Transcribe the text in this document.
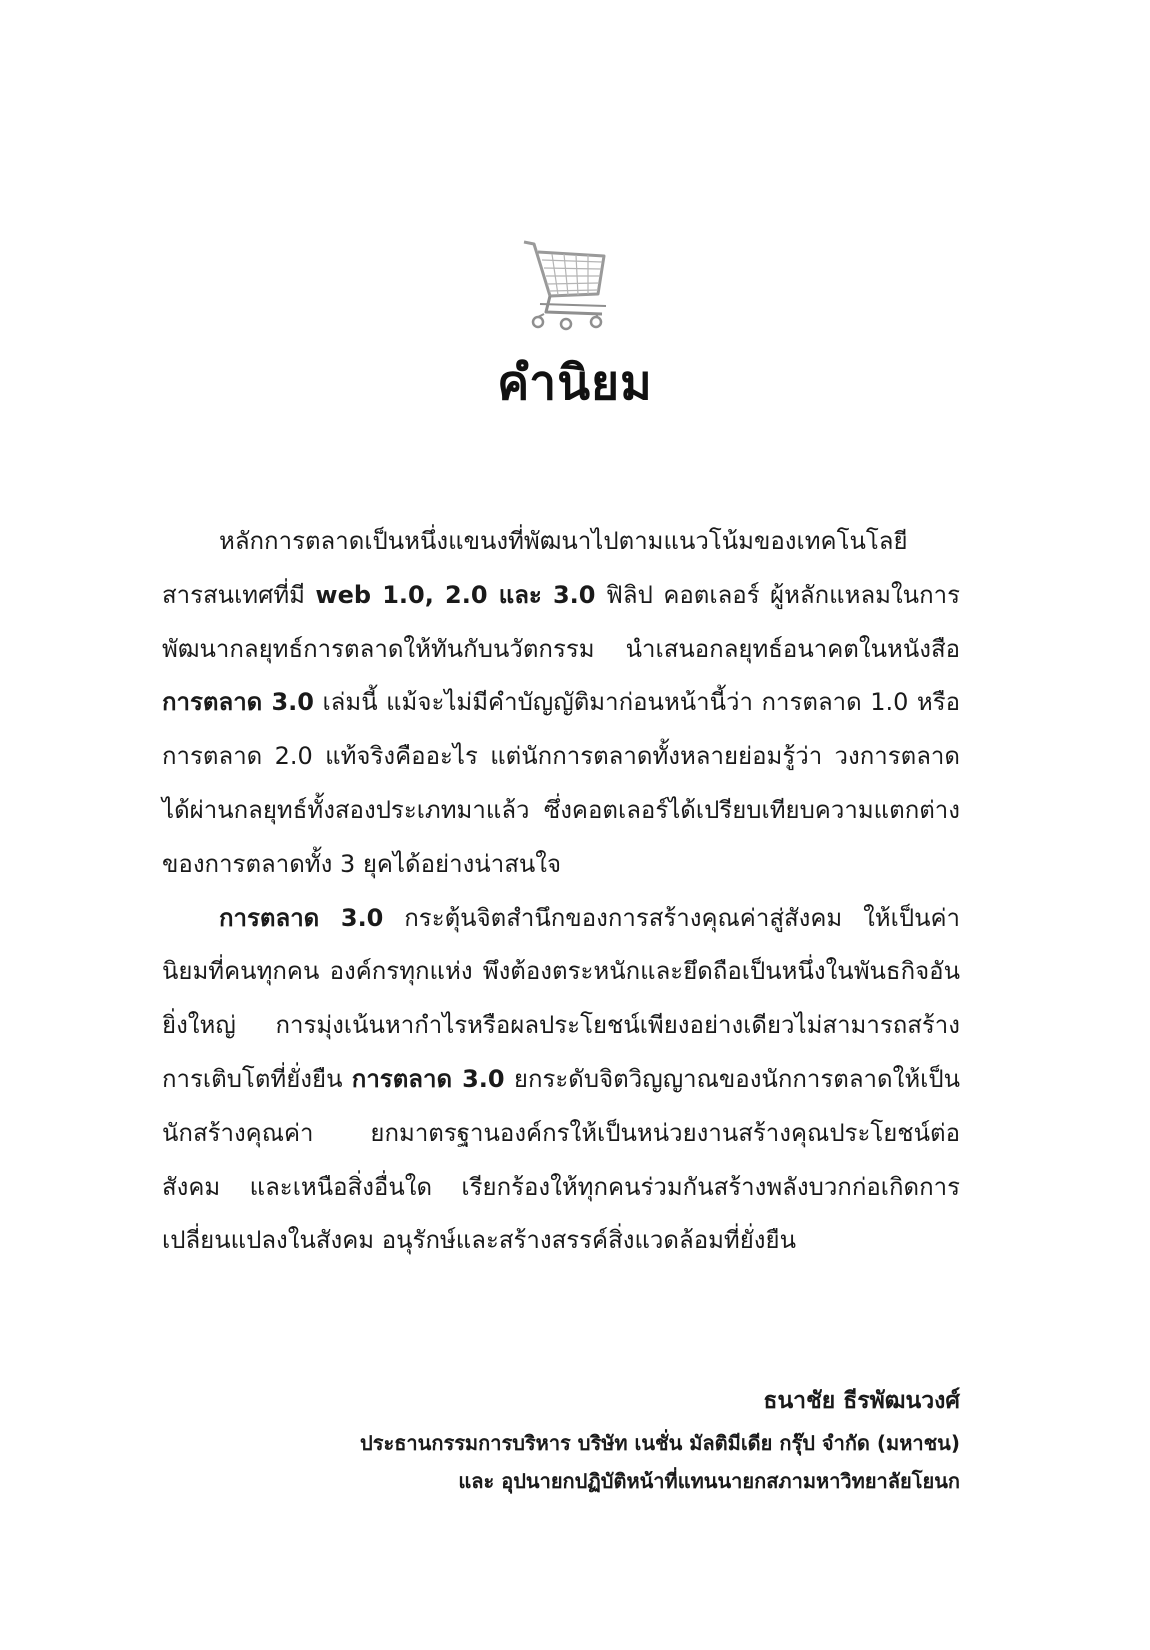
คำนิยม

หลักการตลาดเป็นหนึ่งแขนงที่พัฒนาไปตามแนวโน้มของเทคโนโลยีสารสนเทศที่มี web 1.0, 2.0 และ 3.0 ฟิลิป คอตเลอร์ ผู้หลักแหลมในการพัฒนากลยุทธ์การตลาดให้ทันกับนวัตกรรม นำเสนอกลยุทธ์อนาคตในหนังสือ การตลาด 3.0 เล่มนี้ แม้จะไม่มีคำบัญญัติมาก่อนหน้านี้ว่า การตลาด 1.0 หรือ การตลาด 2.0 แท้จริงคืออะไร แต่นักการตลาดทั้งหลายย่อมรู้ว่า วงการตลาดได้ผ่านกลยุทธ์ทั้งสองประเภทมาแล้ว ซึ่งคอตเลอร์ได้เปรียบเทียบความแตกต่างของการตลาดทั้ง 3 ยุคได้อย่างน่าสนใจ

การตลาด 3.0 กระตุ้นจิตสำนึกของการสร้างคุณค่าสู่สังคม ให้เป็นค่านิยมที่คนทุกคน องค์กรทุกแห่ง พึงต้องตระหนักและยึดถือเป็นหนึ่งในพันธกิจอันยิ่งใหญ่ การมุ่งเน้นหากำไรหรือผลประโยชน์เพียงอย่างเดียวไม่สามารถสร้างการเติบโตที่ยั่งยืน การตลาด 3.0 ยกระดับจิตวิญญาณของนักการตลาดให้เป็นนักสร้างคุณค่า ยกมาตรฐานองค์กรให้เป็นหน่วยงานสร้างคุณประโยชน์ต่อสังคม และเหนือสิ่งอื่นใด เรียกร้องให้ทุกคนร่วมกันสร้างพลังบวกก่อเกิดการเปลี่ยนแปลงในสังคม อนุรักษ์และสร้างสรรค์สิ่งแวดล้อมที่ยั่งยืน

ธนาชัย ธีรพัฒนวงศ์
ประธานกรรมการบริหาร บริษัท เนชั่น มัลติมีเดีย กรุ๊ป จำกัด (มหาชน)
และ อุปนายกปฏิบัติหน้าที่แทนนายกสภามหาวิทยาลัยโยนก
